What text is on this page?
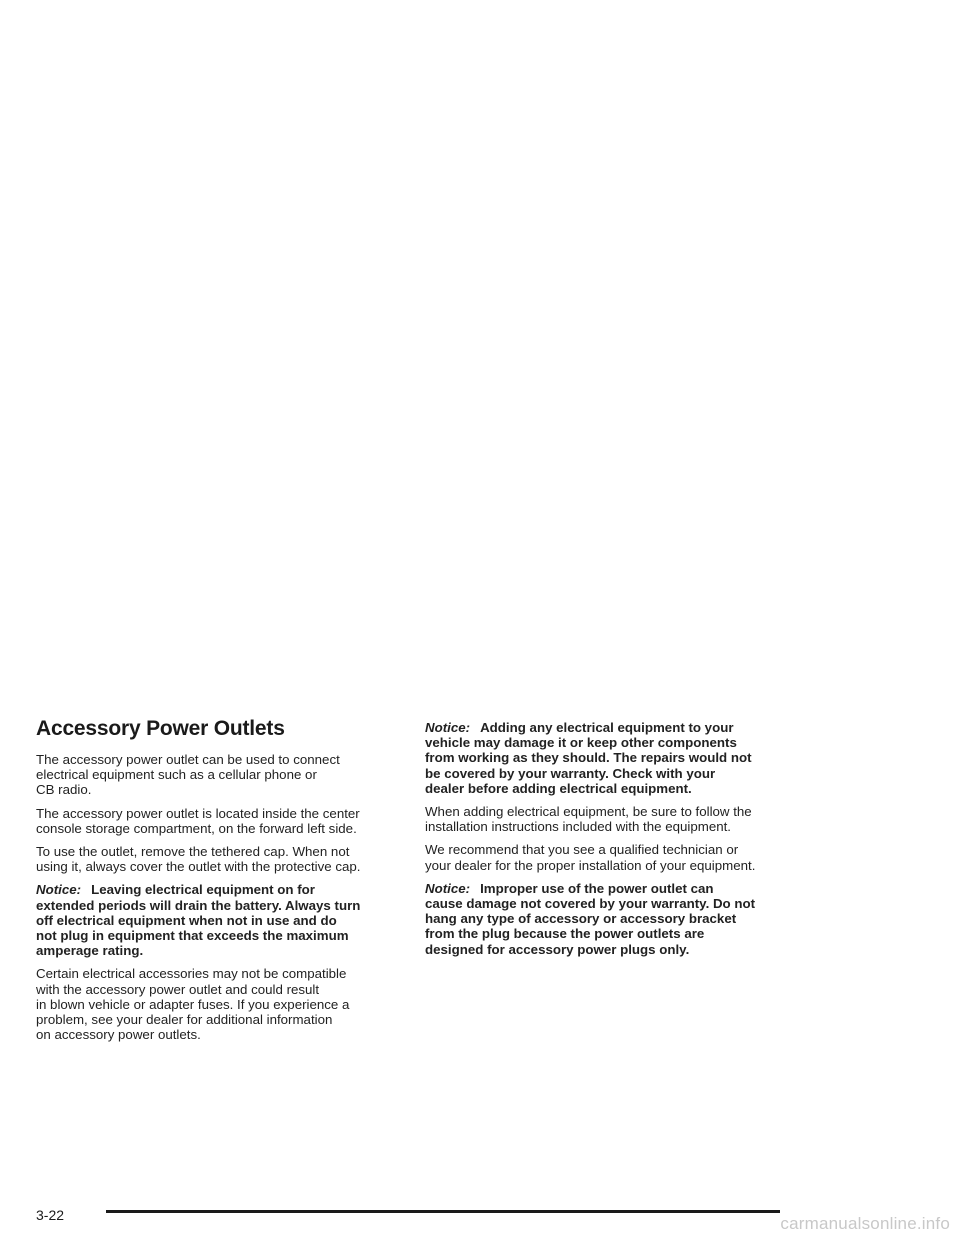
Accessory Power Outlets

The accessory power outlet can be used to connect
electrical equipment such as a cellular phone or
CB radio.

The accessory power outlet is located inside the center
console storage compartment, on the forward left side.

To use the outlet, remove the tethered cap. When not
using it, always cover the outlet with the protective cap.

Notice: Leaving electrical equipment on for
extended periods will drain the battery. Always turn
off electrical equipment when not in use and do
not plug in equipment that exceeds the maximum
amperage rating.

Certain electrical accessories may not be compatible
with the accessory power outlet and could result
in blown vehicle or adapter fuses. If you experience a
problem, see your dealer for additional information
on accessory power outlets.

Notice: Adding any electrical equipment to your
vehicle may damage it or keep other components
from working as they should. The repairs would not
be covered by your warranty. Check with your
dealer before adding electrical equipment.

When adding electrical equipment, be sure to follow the
installation instructions included with the equipment.

We recommend that you see a qualified technician or
your dealer for the proper installation of your equipment.

Notice: Improper use of the power outlet can
cause damage not covered by your warranty. Do not
hang any type of accessory or accessory bracket
from the plug because the power outlets are
designed for accessory power plugs only.

3-22	carmanualsonline.info
